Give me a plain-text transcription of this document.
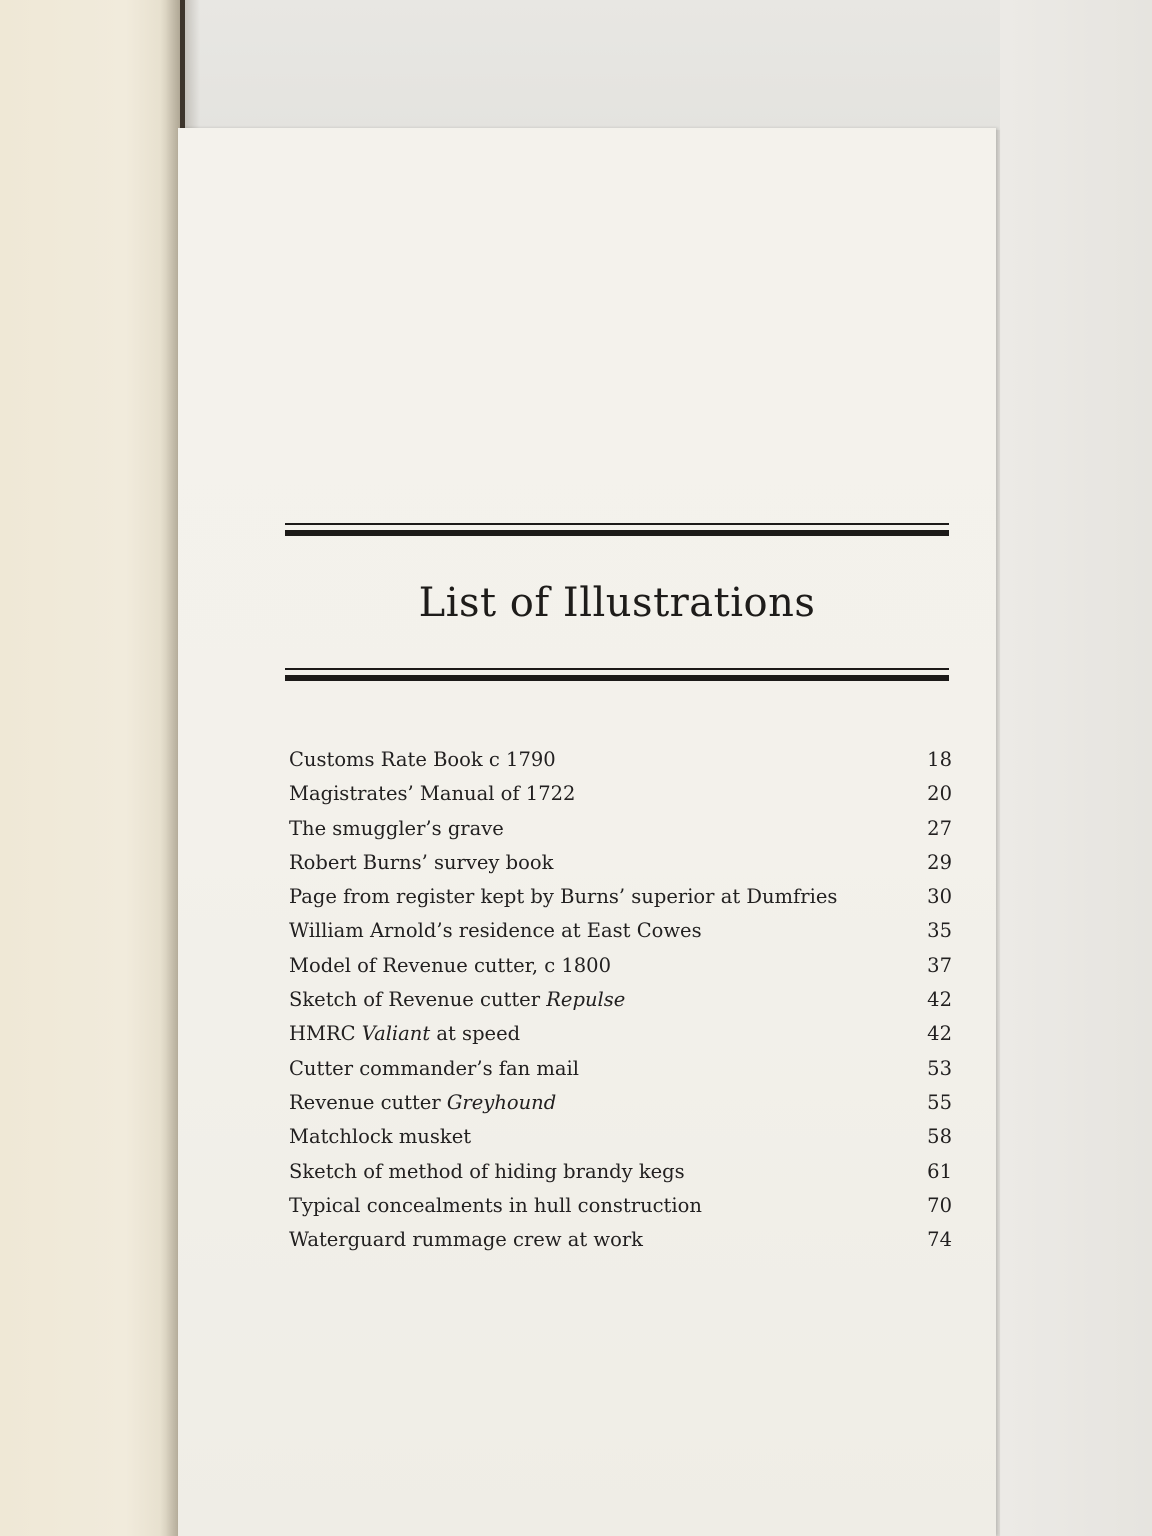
List of Illustrations
Customs Rate Book c 1790	18
Magistrates’ Manual of 1722	20
The smuggler’s grave	27
Robert Burns’ survey book	29
Page from register kept by Burns’ superior at Dumfries	30
William Arnold’s residence at East Cowes	35
Model of Revenue cutter, c 1800	37
Sketch of Revenue cutter Repulse	42
HMRC Valiant at speed	42
Cutter commander’s fan mail	53
Revenue cutter Greyhound	55
Matchlock musket	58
Sketch of method of hiding brandy kegs	61
Typical concealments in hull construction	70
Waterguard rummage crew at work	74
